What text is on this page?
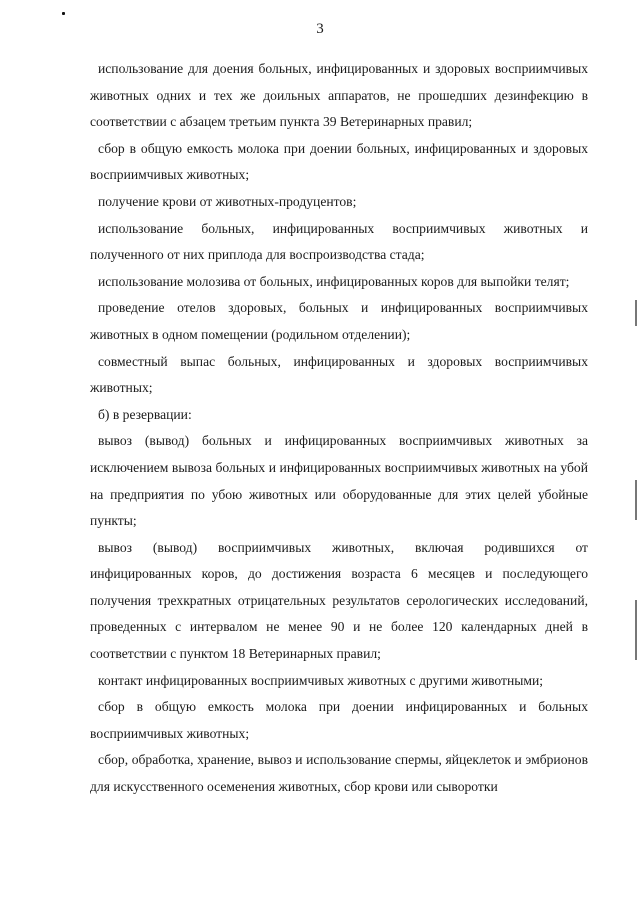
3

использование для доения больных, инфицированных и здоровых восприимчивых животных одних и тех же доильных аппаратов, не прошедших дезинфекцию в соответствии с абзацем третьим пункта 39 Ветеринарных правил;

сбор в общую емкость молока при доении больных, инфицированных и здоровых восприимчивых животных;

получение крови от животных-продуцентов;

использование больных, инфицированных восприимчивых животных и полученного от них приплода для воспроизводства стада;

использование молозива от больных, инфицированных коров для выпойки телят;

проведение отелов здоровых, больных и инфицированных восприимчивых животных в одном помещении (родильном отделении);

совместный выпас больных, инфицированных и здоровых восприимчивых животных;

б) в резервации:

вывоз (вывод) больных и инфицированных восприимчивых животных за исключением вывоза больных и инфицированных восприимчивых животных на убой на предприятия по убою животных или оборудованные для этих целей убойные пункты;

вывоз (вывод) восприимчивых животных, включая родившихся от инфицированных коров, до достижения возраста 6 месяцев и последующего получения трехкратных отрицательных результатов серологических исследований, проведенных с интервалом не менее 90 и не более 120 календарных дней в соответствии с пунктом 18 Ветеринарных правил;

контакт инфицированных восприимчивых животных с другими животными;

сбор в общую емкость молока при доении инфицированных и больных восприимчивых животных;

сбор, обработка, хранение, вывоз и использование спермы, яйцеклеток и эмбрионов для искусственного осеменения животных, сбор крови или сыворотки
